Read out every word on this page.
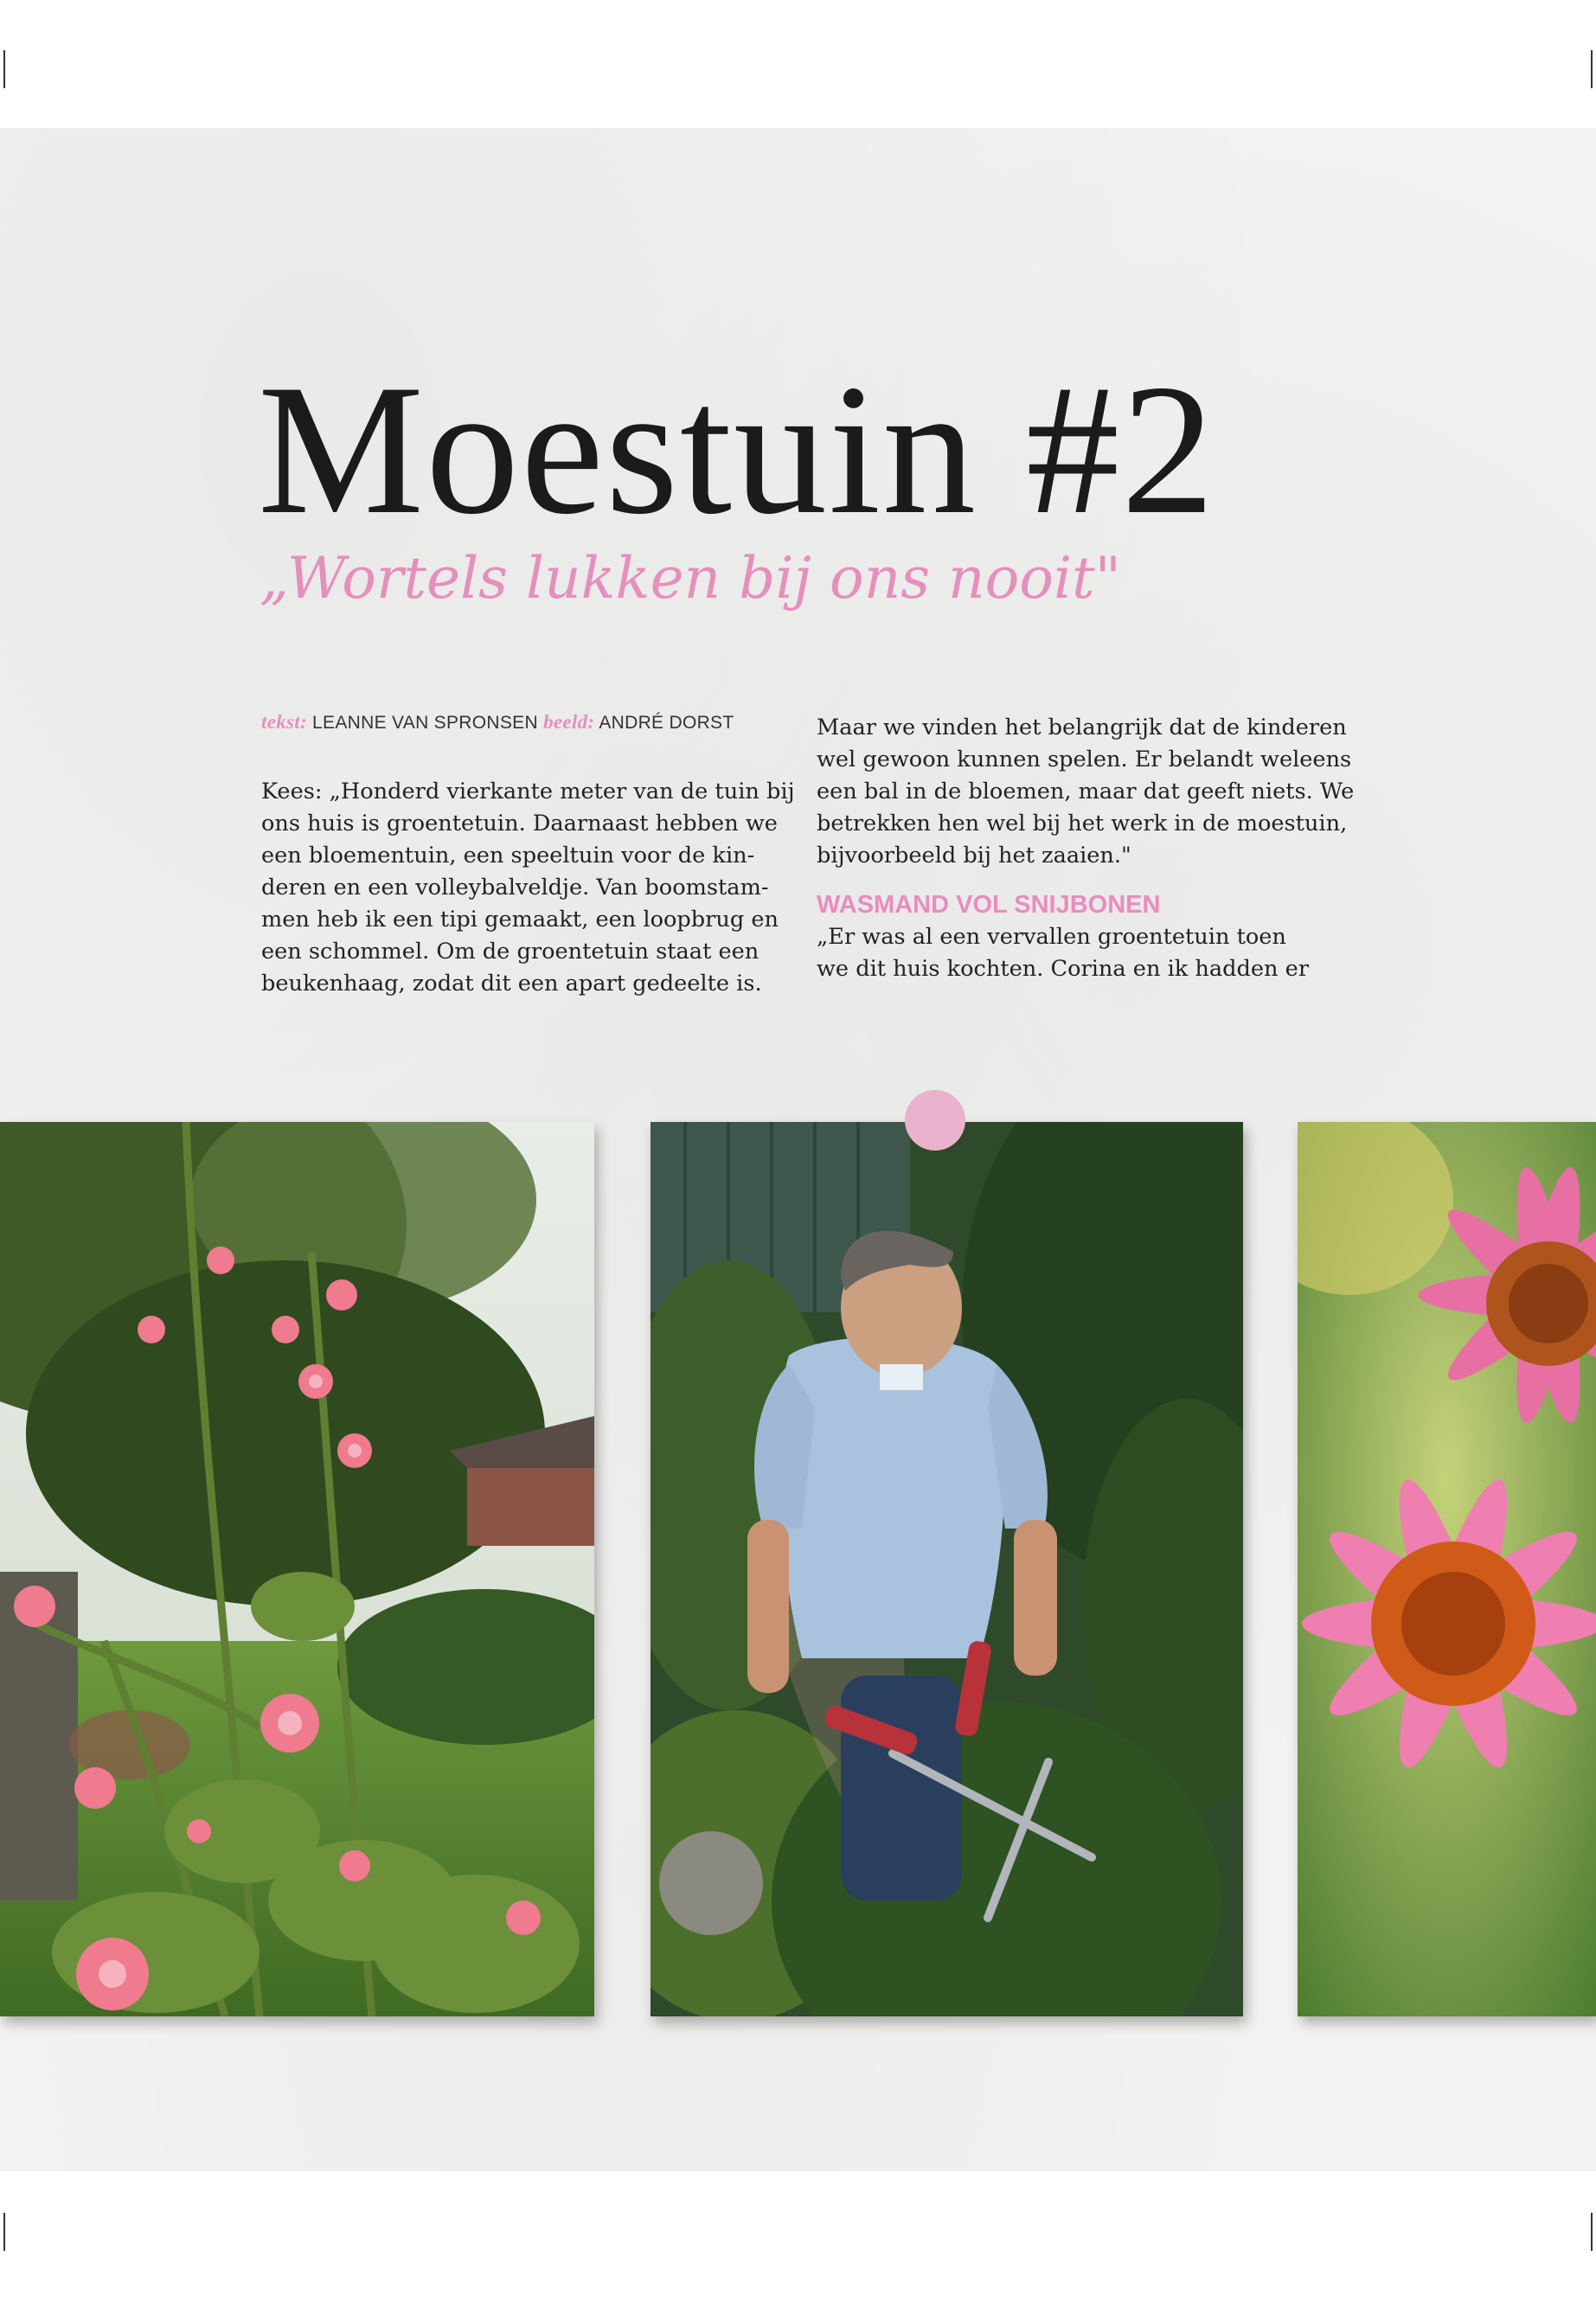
Moestuin #2
„Wortels lukken bij ons nooit"
tekst: LEANNE VAN SPRONSEN beeld: ANDRÉ DORST

Kees: „Honderd vierkante meter van de tuin bij

ons huis is groentetuin. Daarnaast hebben we

een bloementuin, een speeltuin voor de kin-

deren en een volleybalveldje. Van boomstam-

men heb ik een tipi gemaakt, een loopbrug en

een schommel. Om de groentetuin staat een

beukenhaag, zodat dit een apart gedeelte is.

Maar we vinden het belangrijk dat de kinderen

wel gewoon kunnen spelen. Er belandt weleens

een bal in de bloemen, maar dat geeft niets. We

betrekken hen wel bij het werk in de moestuin,

bijvoorbeeld bij het zaaien."

WASMAND VOL SNIJBONEN

„Er was al een vervallen groentetuin toen

we dit huis kochten. Corina en ik hadden er
